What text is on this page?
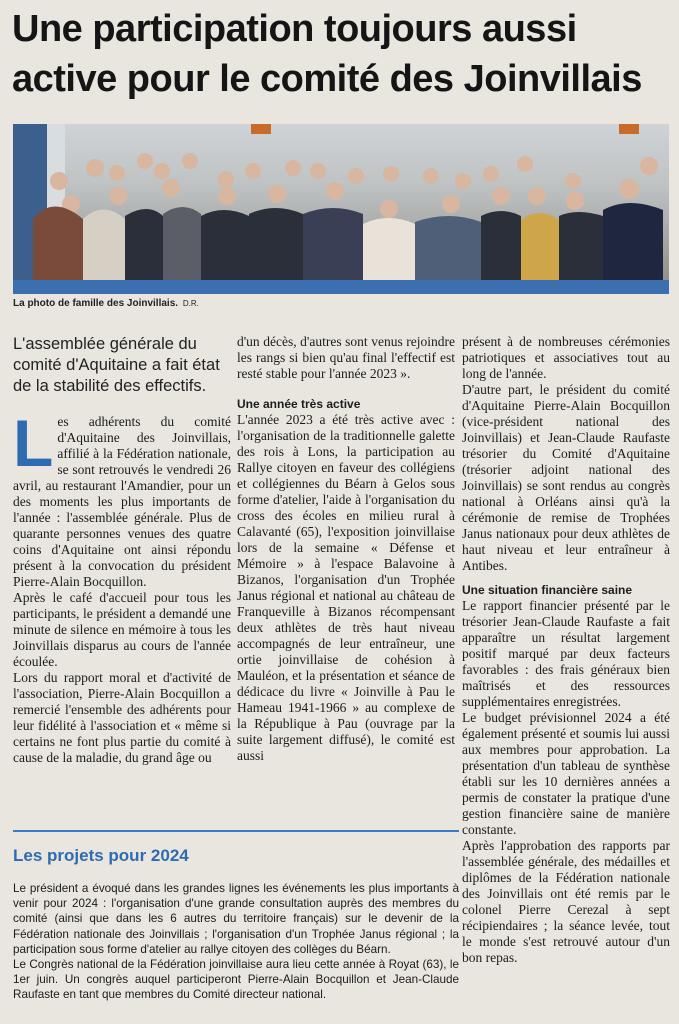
Une participation toujours aussi active pour le comité des Joinvillais
La photo de famille des Joinvillais. D.R.
L'assemblée générale du comité d'Aquitaine a fait état de la stabilité des effectifs.

Les adhérents du comité d'Aquitaine des Joinvillais, affilié à la Fédération nationale, se sont retrouvés le vendredi 26 avril, au restaurant l'Amandier, pour un des moments les plus importants de l'année : l'assemblée générale. Plus de quarante personnes venues des quatre coins d'Aquitaine ont ainsi répondu présent à la convocation du président Pierre-Alain Bocquillon.

Après le café d'accueil pour tous les participants, le président a demandé une minute de silence en mémoire à tous les Joinvillais disparus au cours de l'année écoulée.

Lors du rapport moral et d'activité de l'association, Pierre-Alain Bocquillon a remercié l'ensemble des adhérents pour leur fidélité à l'association et « même si certains ne font plus partie du comité à cause de la maladie, du grand âge ou

d'un décès, d'autres sont venus rejoindre les rangs si bien qu'au final l'effectif est resté stable pour l'année 2023 ».

Une année très active

L'année 2023 a été très active avec : l'organisation de la traditionnelle galette des rois à Lons, la participation au Rallye citoyen en faveur des collégiens et collégiennes du Béarn à Gelos sous forme d'atelier, l'aide à l'organisation du cross des écoles en milieu rural à Calavanté (65), l'exposition joinvillaise lors de la semaine « Défense et Mémoire » à l'espace Balavoine à Bizanos, l'organisation d'un Trophée Janus régional et national au château de Franqueville à Bizanos récompensant deux athlètes de très haut niveau accompagnés de leur entraîneur, une ortie joinvillaise de cohésion à Mauléon, et la présentation et séance de dédicace du livre « Joinville à Pau le Hameau 1941-1966 » au complexe de la République à Pau (ouvrage par la suite largement diffusé), le comité est aussi

présent à de nombreuses cérémonies patriotiques et associatives tout au long de l'année.

D'autre part, le président du comité d'Aquitaine Pierre-Alain Bocquillon (vice-président national des Joinvillais) et Jean-Claude Raufaste trésorier du Comité d'Aquitaine (trésorier adjoint national des Joinvillais) se sont rendus au congrès national à Orléans ainsi qu'à la cérémonie de remise de Trophées Janus nationaux pour deux athlètes de haut niveau et leur entraîneur à Antibes.

Une situation financière saine

Le rapport financier présenté par le trésorier Jean-Claude Raufaste a fait apparaître un résultat largement positif marqué par deux facteurs favorables : des frais généraux bien maîtrisés et des ressources supplémentaires enregistrées.

Le budget prévisionnel 2024 a été également présenté et soumis lui aussi aux membres pour approbation. La présentation d'un tableau de synthèse établi sur les 10 dernières années a permis de constater la pratique d'une gestion financière saine de manière constante.

Après l'approbation des rapports par l'assemblée générale, des médailles et diplômes de la Fédération nationale des Joinvillais ont été remis par le colonel Pierre Cerezal à sept récipiendaires ; la séance levée, tout le monde s'est retrouvé autour d'un bon repas.

Les projets pour 2024

Le président a évoqué dans les grandes lignes les événements les plus importants à venir pour 2024 : l'organisation d'une grande consultation auprès des membres du comité (ainsi que dans les 6 autres du territoire français) sur le devenir de la Fédération nationale des Joinvillais ; l'organisation d'un Trophée Janus régional ; la participation sous forme d'atelier au rallye citoyen des collèges du Béarn.

Le Congrès national de la Fédération joinvillaise aura lieu cette année à Royat (63), le 1er juin. Un congrès auquel participeront Pierre-Alain Bocquillon et Jean-Claude Raufaste en tant que membres du Comité directeur national.
